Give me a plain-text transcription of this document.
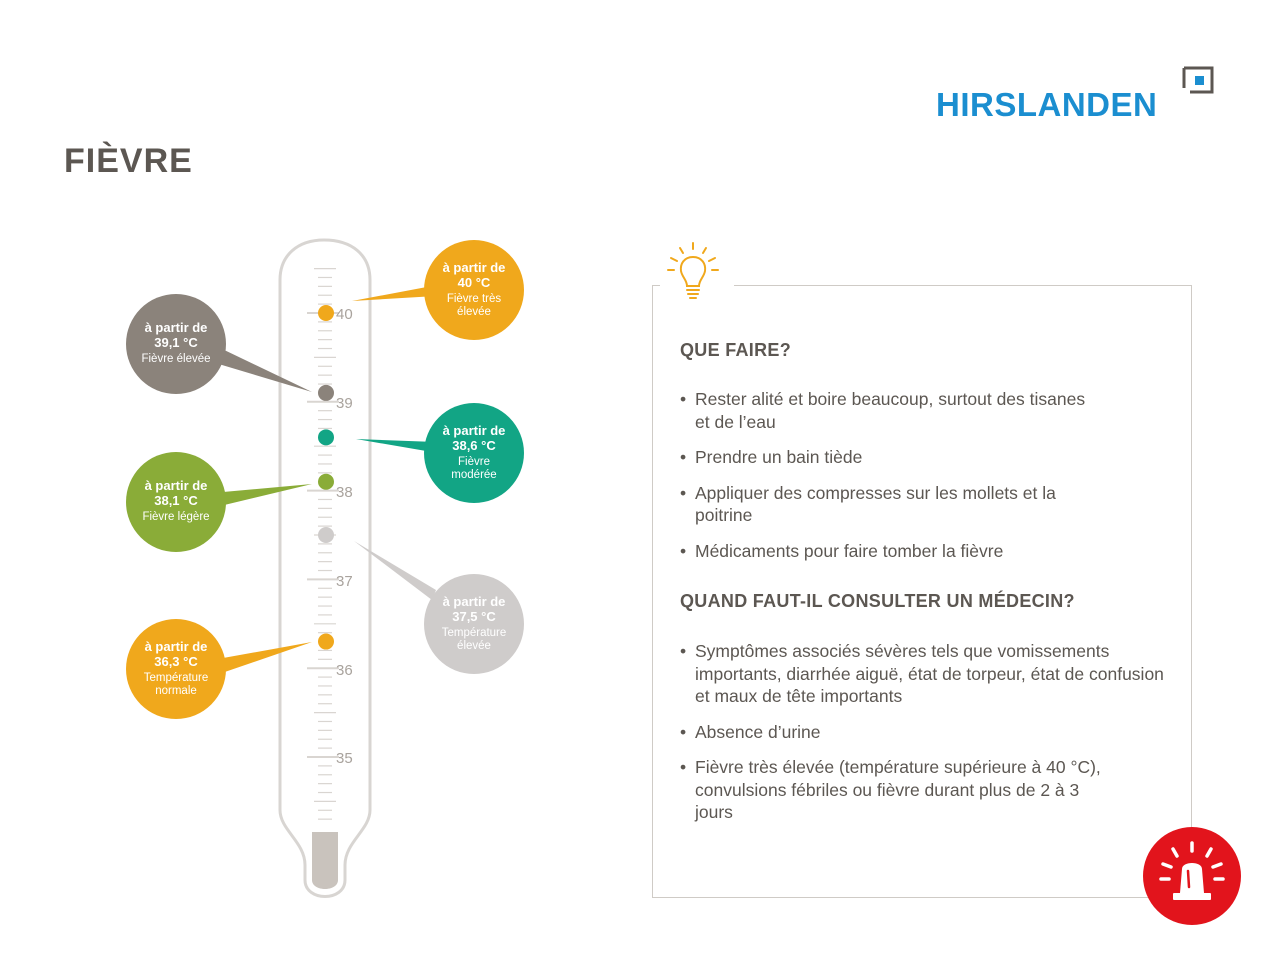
HIRSLANDEN
FIÈVRE
40
39
38
37
36
35
à partir de
40 °C
Fièvre très élevée
à partir de
39,1 °C
Fièvre élevée
à partir de
38,6 °C
Fièvre modérée
à partir de
38,1 °C
Fièvre légère
à partir de
37,5 °C
Température élevée
à partir de
36,3 °C
Température normale
QUE FAIRE?
• Rester alité et boire beaucoup, surtout des tisanes et de l’eau
• Prendre un bain tiède
• Appliquer des compresses sur les mollets et la poitrine
• Médicaments pour faire tomber la fièvre
QUAND FAUT-IL CONSULTER UN MÉDECIN?
• Symptômes associés sévères tels que vomissements importants, diarrhée aiguë, état de torpeur, état de confusion et maux de tête importants
• Absence d’urine
• Fièvre très élevée (température supérieure à 40 °C), convulsions fébriles ou fièvre durant plus de 2 à 3 jours
